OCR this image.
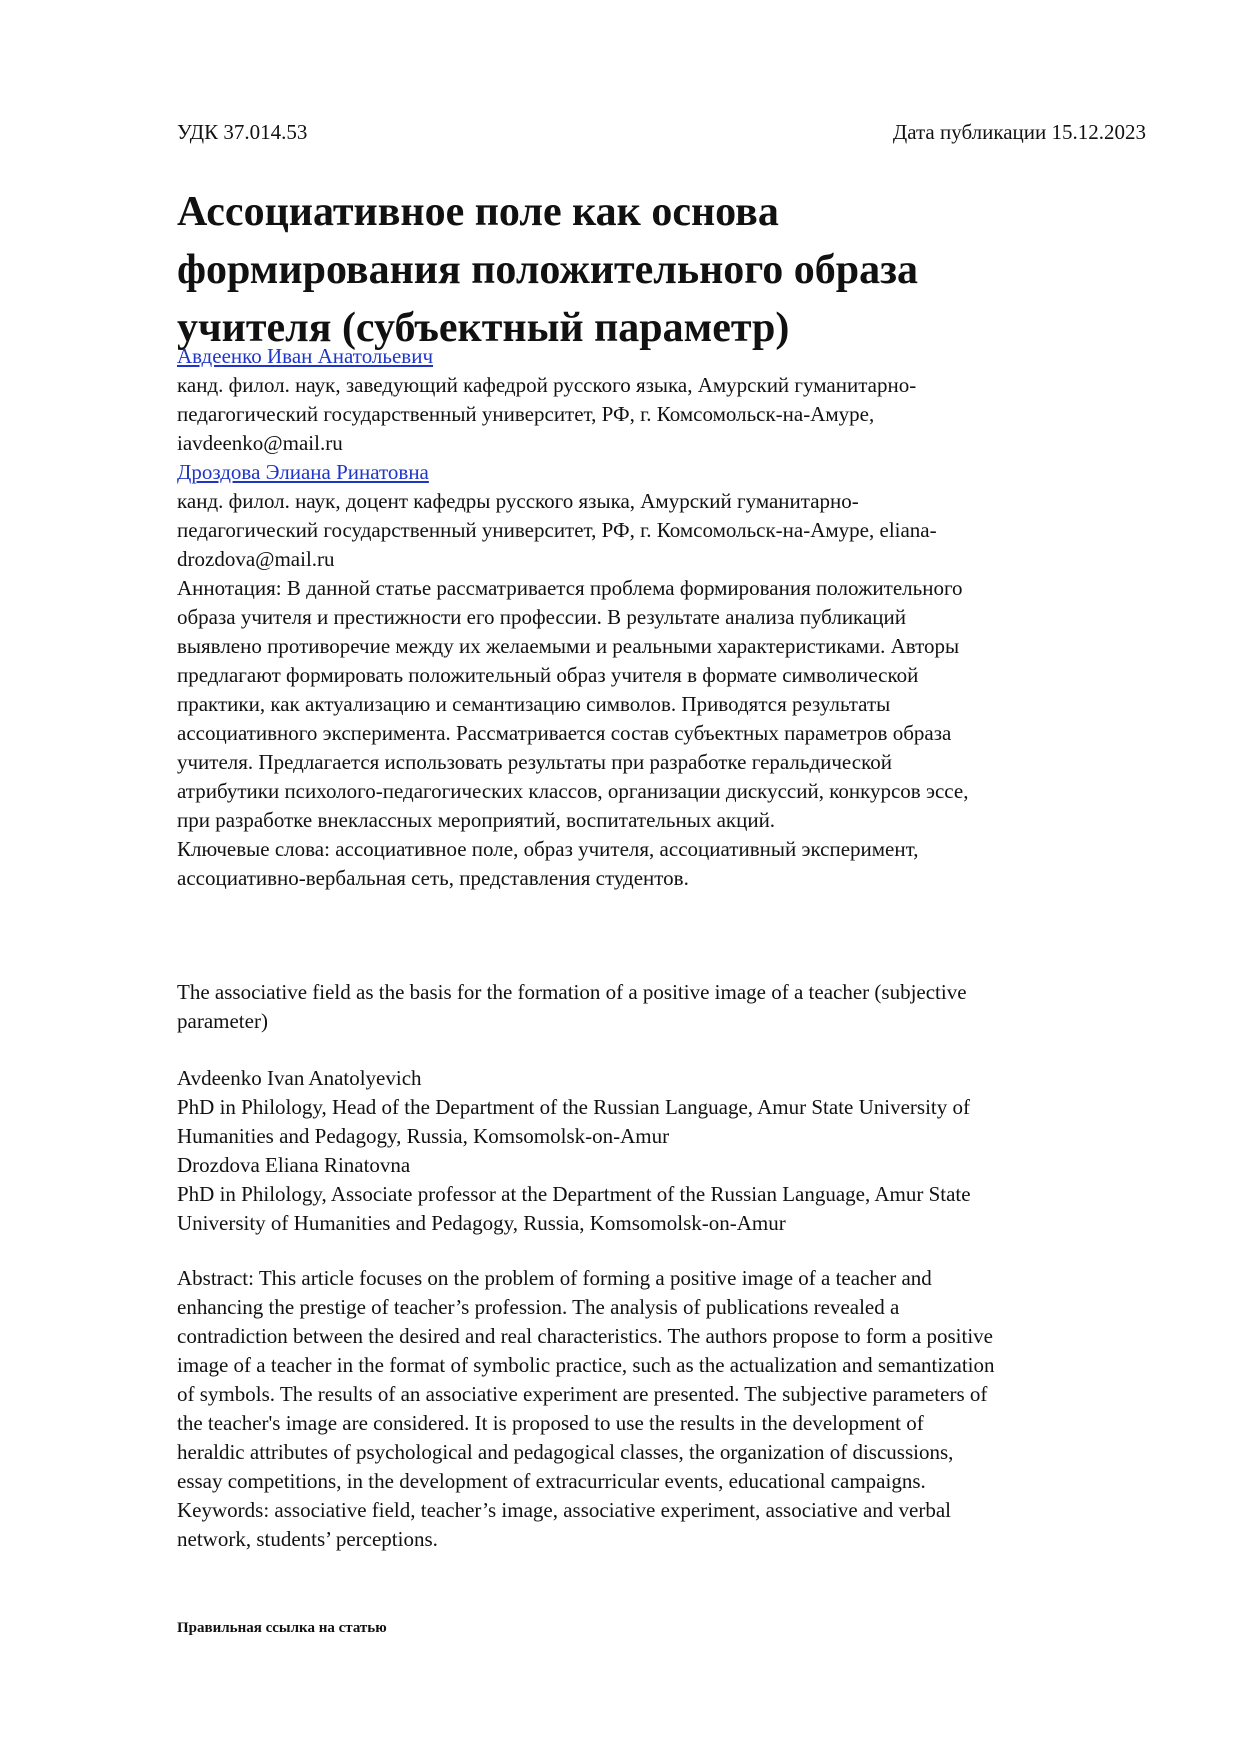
УДК 37.014.53	Дата публикации 15.12.2023
Ассоциативное поле как основа
формирования положительного образа
учителя (субъектный параметр)
Авдеенко Иван Анатольевич
канд. филол. наук, заведующий кафедрой русского языка, Амурский гуманитарно-
педагогический государственный университет, РФ, г. Комсомольск-на-Амуре,
iavdeenko@mail.ru
Дроздова Элиана Ринатовна
канд. филол. наук, доцент кафедры русского языка, Амурский гуманитарно-
педагогический государственный университет, РФ, г. Комсомольск-на-Амуре, eliana-
drozdova@mail.ru
Аннотация: В данной статье рассматривается проблема формирования положительного
образа учителя и престижности его профессии. В результате анализа публикаций
выявлено противоречие между их желаемыми и реальными характеристиками. Авторы
предлагают формировать положительный образ учителя в формате символической
практики, как актуализацию и семантизацию символов. Приводятся результаты
ассоциативного эксперимента. Рассматривается состав субъектных параметров образа
учителя. Предлагается использовать результаты при разработке геральдической
атрибутики психолого-педагогических классов, организации дискуссий, конкурсов эссе,
при разработке внеклассных мероприятий, воспитательных акций.
Ключевые слова: ассоциативное поле, образ учителя, ассоциативный эксперимент,
ассоциативно-вербальная сеть, представления студентов.
The associative field as the basis for the formation of a positive image of a teacher (subjective
parameter)
Avdeenko Ivan Anatolyevich
PhD in Philology, Head of the Department of the Russian Language, Amur State University of
Humanities and Pedagogy, Russia, Komsomolsk-on-Amur
Drozdova Eliana Rinatovna
PhD in Philology, Associate professor at the Department of the Russian Language, Amur State
University of Humanities and Pedagogy, Russia, Komsomolsk-on-Amur
Abstract: This article focuses on the problem of forming a positive image of a teacher and
enhancing the prestige of teacher’s profession. The analysis of publications revealed a
contradiction between the desired and real characteristics. The authors propose to form a positive
image of a teacher in the format of symbolic practice, such as the actualization and semantization
of symbols. The results of an associative experiment are presented. The subjective parameters of
the teacher's image are considered. It is proposed to use the results in the development of
heraldic attributes of psychological and pedagogical classes, the organization of discussions,
essay competitions, in the development of extracurricular events, educational campaigns.
Keywords: associative field, teacher’s image, associative experiment, associative and verbal
network, students’ perceptions.
Правильная ссылка на статью
